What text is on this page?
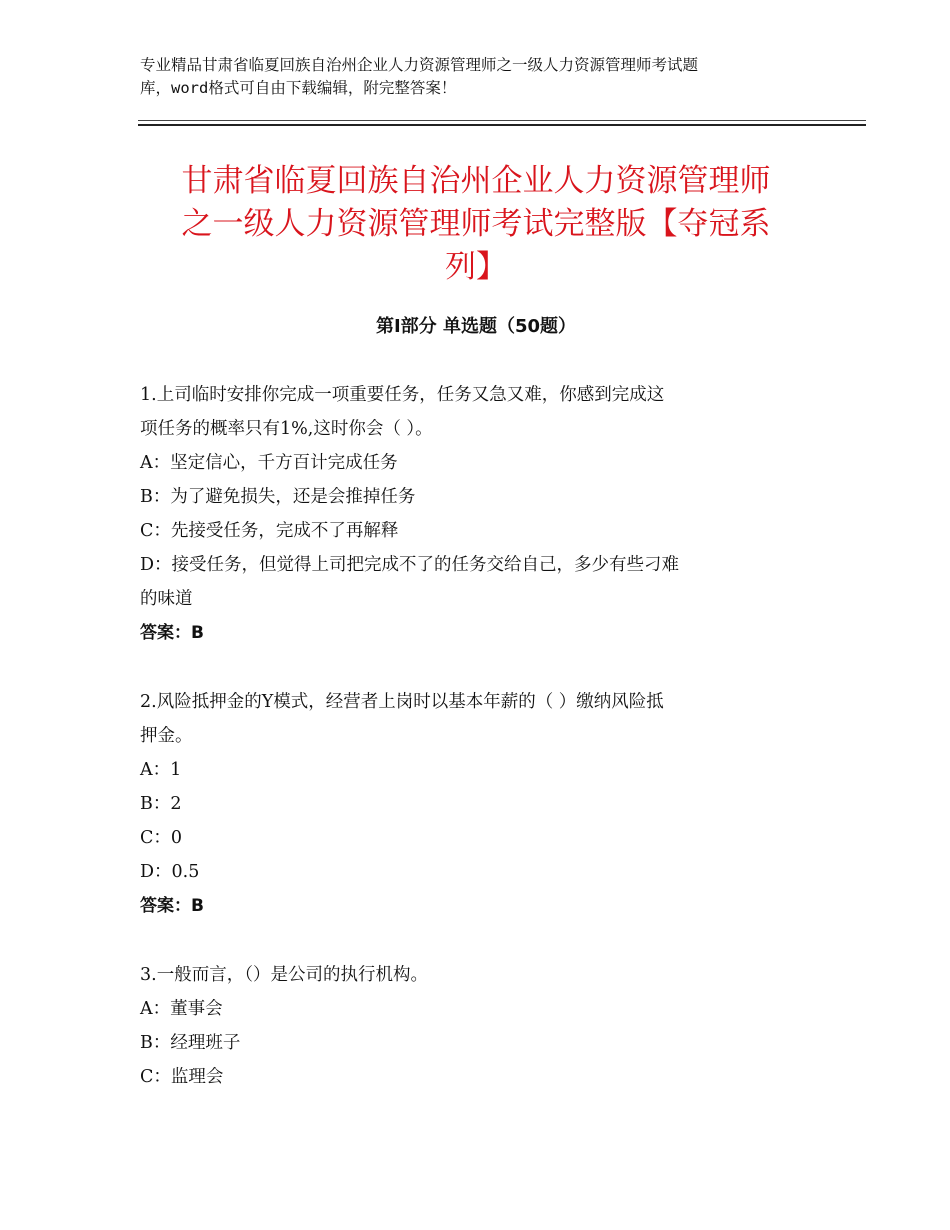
专业精品甘肃省临夏回族自治州企业人力资源管理师之一级人力资源管理师考试题
库，word格式可自由下载编辑，附完整答案！
甘肃省临夏回族自治州企业人力资源管理师
之一级人力资源管理师考试完整版【夺冠系
列】
第Ⅰ部分 单选题（50题）
1.上司临时安排你完成一项重要任务，任务又急又难，你感到完成这
项任务的概率只有1%,这时你会（ ）。
A：坚定信心，千方百计完成任务
B：为了避免损失，还是会推掉任务
C：先接受任务，完成不了再解释
D：接受任务，但觉得上司把完成不了的任务交给自己，多少有些刁难
的味道
答案：B
2.风险抵押金的Y模式，经营者上岗时以基本年薪的（ ）缴纳风险抵
押金。
A：1
B：2
C：0
D：0.5
答案：B
3.一般而言，（）是公司的执行机构。
A：董事会
B：经理班子
C：监理会
